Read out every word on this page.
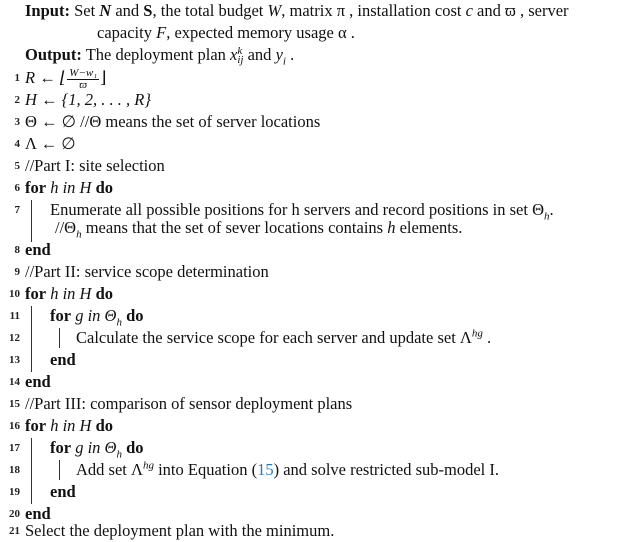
Input: Set N and S, the total budget W, matrix π , installation cost c and ϖ , server
capacity F, expected memory usage α .
Output: The deployment plan x k
ij and $y_i$ .
1 R ← ⌊ $\frac{\text{W−w₁}}{ϖ}$ ⌋
2 H ← {1, 2, . . . , R}
3 Θ ← ∅ //Θ means the set of server locations
4 Λ ← ∅
5 //Part I: site selection
6 for h in H do
7 Enumerate all possible positions for h servers and record positions in set $\Theta_h$.
$//\Theta_h$ means that the set of sever locations contains h elements.
8 end
9 //Part II: service scope determination
10 for h in H do
11 for g in $\Theta_h$ do
12	Calculate the service scope for each server and update set $\Lambda^{hg}$ .
13 end
14 end
15 //Part III: comparison of sensor deployment plans
16 for h in H do
17 for g in $\Theta_h$ do
18	Add set $\Lambda^{hg}$ into Equation (15) and solve restricted sub-model I.
19 end
20 end
21 Select the deployment plan with the minimum.
